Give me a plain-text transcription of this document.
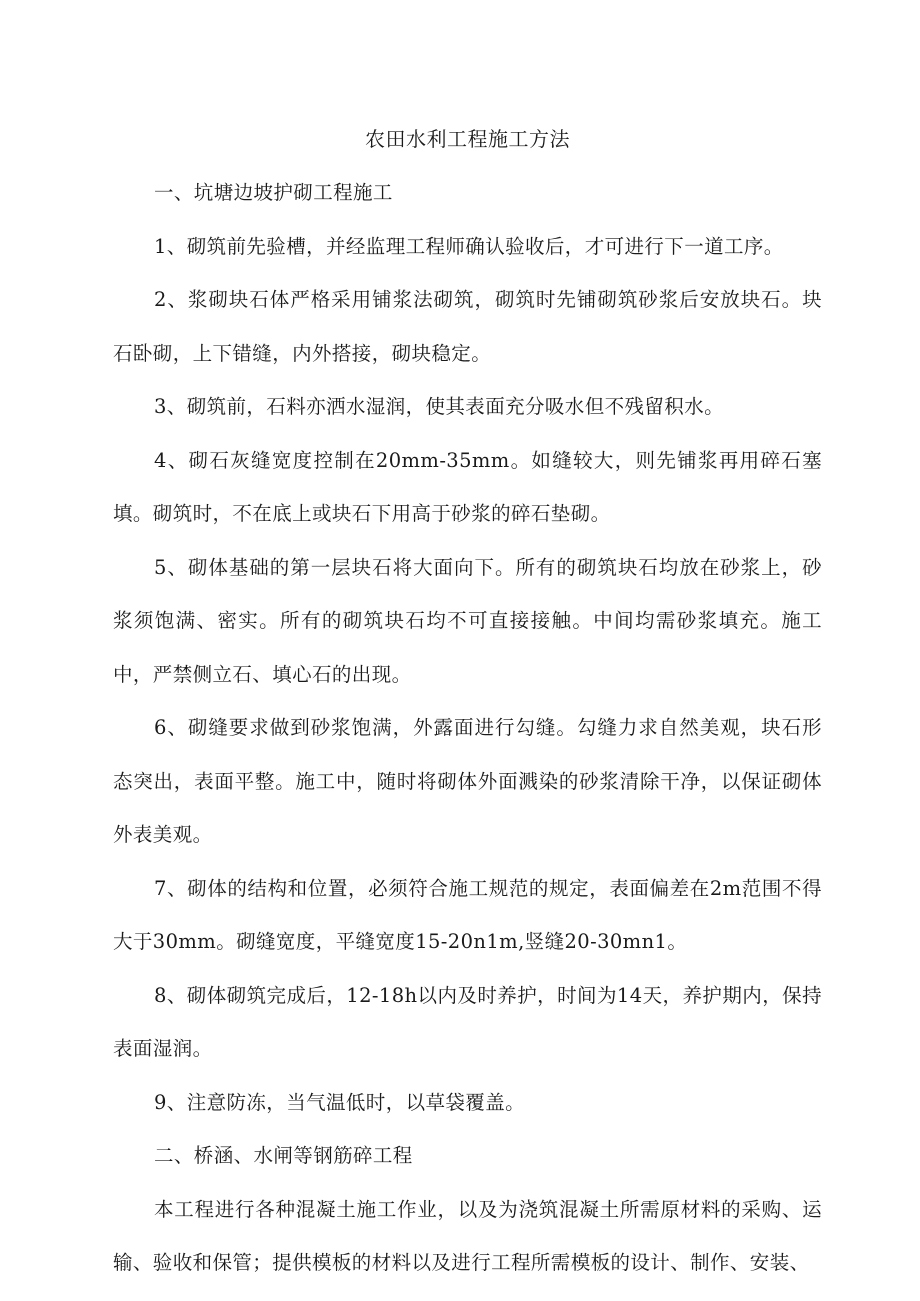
农田水利工程施工方法

一、坑塘边坡护砌工程施工

1、砌筑前先验槽，并经监理工程师确认验收后，才可进行下一道工序。

2、浆砌块石体严格采用铺浆法砌筑，砌筑时先铺砌筑砂浆后安放块石。块石卧砌，上下错缝，内外搭接，砌块稳定。

3、砌筑前，石料亦洒水湿润，使其表面充分吸水但不残留积水。

4、砌石灰缝宽度控制在20mm-35mm。如缝较大，则先铺浆再用碎石塞填。砌筑时，不在底上或块石下用高于砂浆的碎石垫砌。

5、砌体基础的第一层块石将大面向下。所有的砌筑块石均放在砂浆上，砂浆须饱满、密实。所有的砌筑块石均不可直接接触。中间均需砂浆填充。施工中，严禁侧立石、填心石的出现。

6、砌缝要求做到砂浆饱满，外露面进行勾缝。勾缝力求自然美观，块石形态突出，表面平整。施工中，随时将砌体外面溅染的砂浆清除干净，以保证砌体外表美观。

7、砌体的结构和位置，必须符合施工规范的规定，表面偏差在2m范围不得大于30mm。砌缝宽度，平缝宽度15-20n1m,竖缝20-30mn1。

8、砌体砌筑完成后，12-18h以内及时养护，时间为14天，养护期内，保持表面湿润。

9、注意防冻，当气温低时，以草袋覆盖。

二、桥涵、水闸等钢筋碎工程

本工程进行各种混凝土施工作业，以及为浇筑混凝土所需原材料的采购、运输、验收和保管；提供模板的材料以及进行工程所需模板的设计、制作、安装、
